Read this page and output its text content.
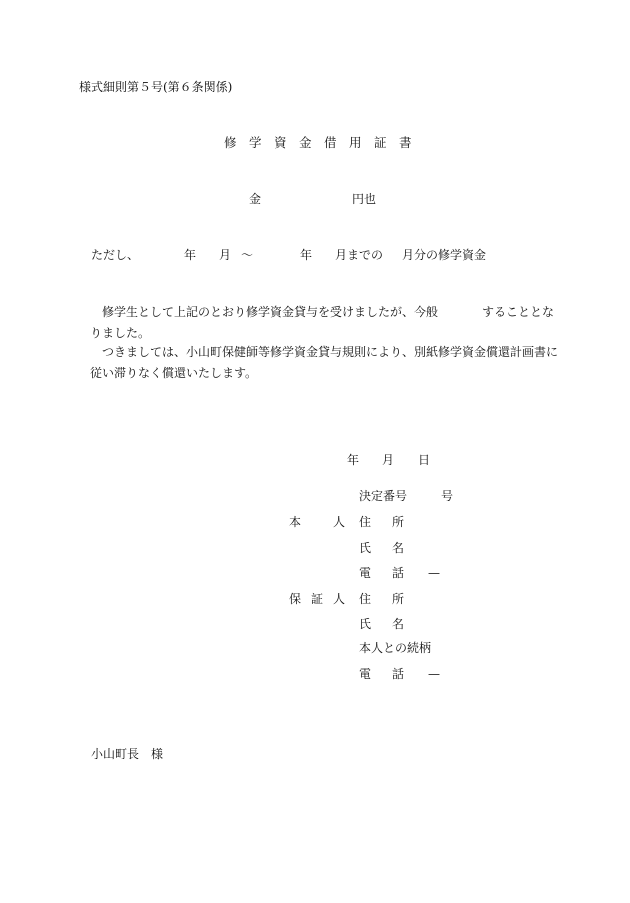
様式細則第５号(第６条関係)
修　学　資　金　借　用　証　書
金	円也
ただし、	年 月 〜	年 月までの 月分の修学資金
修学生として上記のとおり修学資金貸与を受けましたが、今般	することとなりました。
つきましては、小山町保健師等修学資金貸与規則により、別紙修学資金償還計画書に従い滞りなく償還いたします。
年 月 日
決定番号	号
本	人 住 所
氏 名
電 話 —
保 証 人 住 所
氏 名
本人との続柄
電 話 —
小山町長　様
